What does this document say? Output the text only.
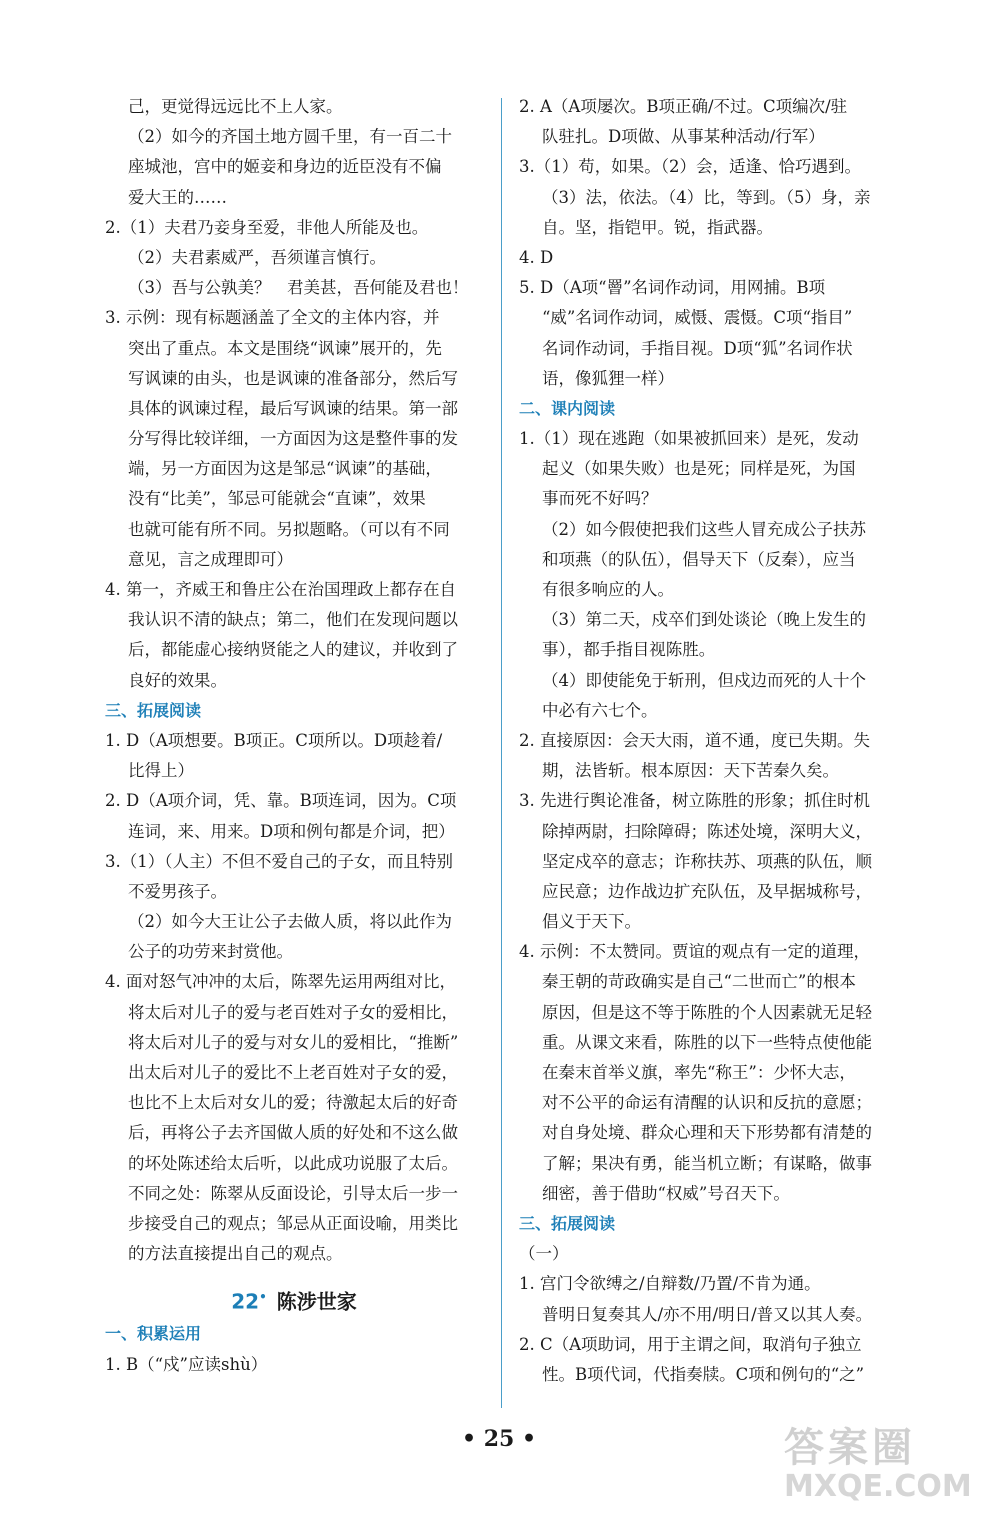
己，更觉得远远比不上人家。
（2）如今的齐国土地方圆千里，有一百二十
座城池，宫中的姬妾和身边的近臣没有不偏
爱大王的……
2.（1）夫君乃妾身至爱，非他人所能及也。
（2）夫君素威严，吾须谨言慎行。
（3）吾与公孰美？　君美甚，吾何能及君也！
3. 示例：现有标题涵盖了全文的主体内容，并
突出了重点。本文是围绕“讽谏”展开的，先
写讽谏的由头，也是讽谏的准备部分，然后写
具体的讽谏过程，最后写讽谏的结果。第一部
分写得比较详细，一方面因为这是整件事的发
端，另一方面因为这是邹忌“讽谏”的基础，
没有“比美”，邹忌可能就会“直谏”，效果
也就可能有所不同。另拟题略。（可以有不同
意见，言之成理即可）
4. 第一，齐威王和鲁庄公在治国理政上都存在自
我认识不清的缺点；第二，他们在发现问题以
后，都能虚心接纳贤能之人的建议，并收到了
良好的效果。
三、拓展阅读
1. D（A项想要。B项正。C项所以。D项趁着/
比得上）
2. D（A项介词，凭、靠。B项连词，因为。C项
连词，来、用来。D项和例句都是介词，把）
3.（1）（人主）不但不爱自己的子女，而且特别
不爱男孩子。
（2）如今大王让公子去做人质，将以此作为
公子的功劳来封赏他。
4. 面对怒气冲冲的太后，陈翠先运用两组对比，
将太后对儿子的爱与老百姓对子女的爱相比，
将太后对儿子的爱与对女儿的爱相比，“推断”
出太后对儿子的爱比不上老百姓对子女的爱，
也比不上太后对女儿的爱；待激起太后的好奇
后，再将公子去齐国做人质的好处和不这么做
的坏处陈述给太后听，以此成功说服了太后。
不同之处：陈翠从反面设论，引导太后一步一
步接受自己的观点；邹忌从正面设喻，用类比
的方法直接提出自己的观点。
22• 陈涉世家
一、积累运用
1. B（“戍”应读shù）
2. A（A项屡次。B项正确/不过。C项编次/驻
队驻扎。D项做、从事某种活动/行军）
3.（1）苟，如果。（2）会，适逢、恰巧遇到。
（3）法，依法。（4）比，等到。（5）身，亲
自。坚，指铠甲。锐，指武器。
4. D
5. D（A项“罾”名词作动词，用网捕。B项
“威”名词作动词，威慑、震慑。C项“指目”
名词作动词，手指目视。D项“狐”名词作状
语，像狐狸一样）
二、课内阅读
1.（1）现在逃跑（如果被抓回来）是死，发动
起义（如果失败）也是死；同样是死，为国
事而死不好吗？
（2）如今假使把我们这些人冒充成公子扶苏
和项燕（的队伍），倡导天下（反秦），应当
有很多响应的人。
（3）第二天，戍卒们到处谈论（晚上发生的
事），都手指目视陈胜。
（4）即使能免于斩刑，但戍边而死的人十个
中必有六七个。
2. 直接原因：会天大雨，道不通，度已失期。失
期，法皆斩。根本原因：天下苦秦久矣。
3. 先进行舆论准备，树立陈胜的形象；抓住时机
除掉两尉，扫除障碍；陈述处境，深明大义，
坚定戍卒的意志；诈称扶苏、项燕的队伍，顺
应民意；边作战边扩充队伍，及早据城称号，
倡义于天下。
4. 示例：不太赞同。贾谊的观点有一定的道理，
秦王朝的苛政确实是自己“二世而亡”的根本
原因，但是这不等于陈胜的个人因素就无足轻
重。从课文来看，陈胜的以下一些特点使他能
在秦末首举义旗，率先“称王”：少怀大志，
对不公平的命运有清醒的认识和反抗的意愿；
对自身处境、群众心理和天下形势都有清楚的
了解；果决有勇，能当机立断；有谋略，做事
细密，善于借助“权威”号召天下。
三、拓展阅读
（一）
1. 宫门令欲缚之/自辩数/乃置/不肯为通。
普明日复奏其人/亦不用/明日/普又以其人奏。
2. C（A项助词，用于主谓之间，取消句子独立
性。B项代词，代指奏牍。C项和例句的“之”
• 25 •	答案圈
MXQE.COM
